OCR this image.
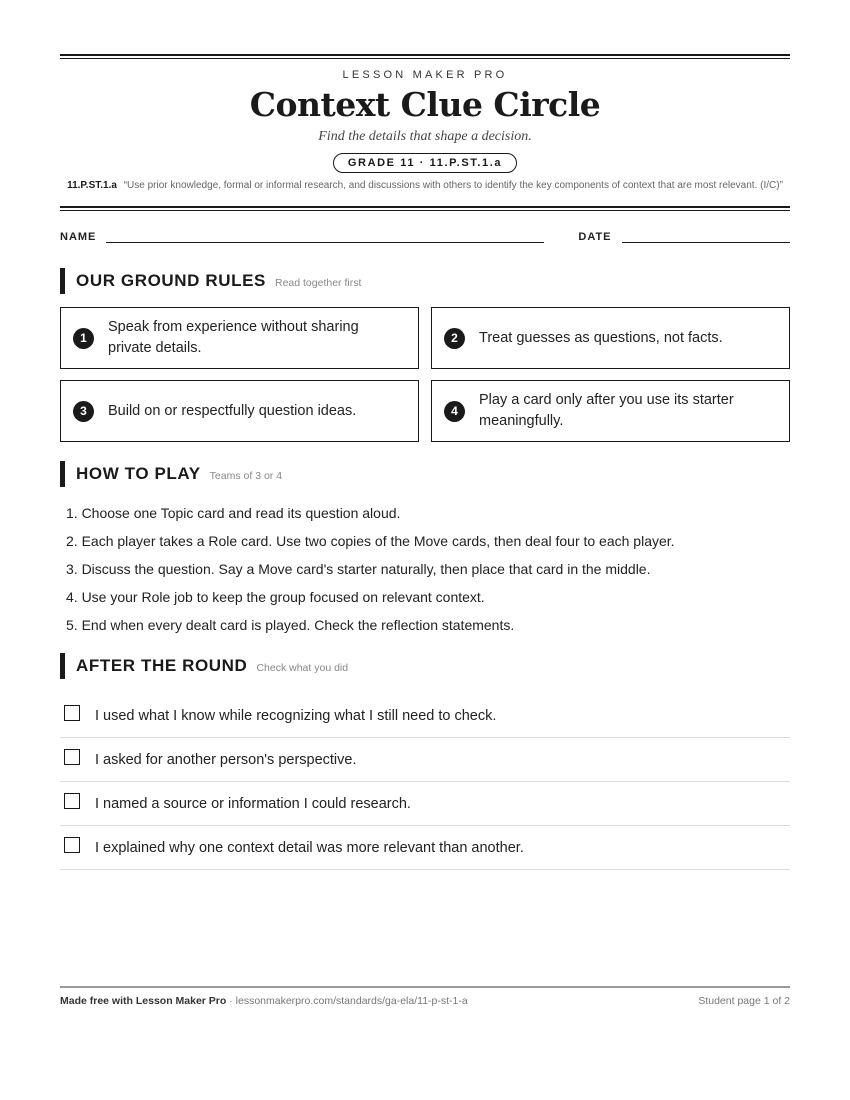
LESSON MAKER PRO
Context Clue Circle
Find the details that shape a decision.
GRADE 11 · 11.P.ST.1.a
11.P.ST.1.a “Use prior knowledge, formal or informal research, and discussions with others to identify the key components of context that are most relevant. (I/C)”
NAME	DATE
OUR GROUND RULES Read together first
1
Speak from experience without sharing private details.
2	Treat guesses as questions, not facts.
3	Build on or respectfully question ideas.	4
Play a card only after you use its starter meaningfully.
HOW TO PLAY Teams of 3 or 4
1. Choose one Topic card and read its question aloud.
2. Each player takes a Role card. Use two copies of the Move cards, then deal four to each player.
3. Discuss the question. Say a Move card's starter naturally, then place that card in the middle.
4. Use your Role job to keep the group focused on relevant context.
5. End when every dealt card is played. Check the reflection statements.
AFTER THE ROUND Check what you did
I used what I know while recognizing what I still need to check.
I asked for another person's perspective.
I named a source or information I could research.
I explained why one context detail was more relevant than another.
Made free with Lesson Maker Pro · lessonmakerpro.com/standards/ga-ela/11-p-st-1-a	Student page 1 of 2
